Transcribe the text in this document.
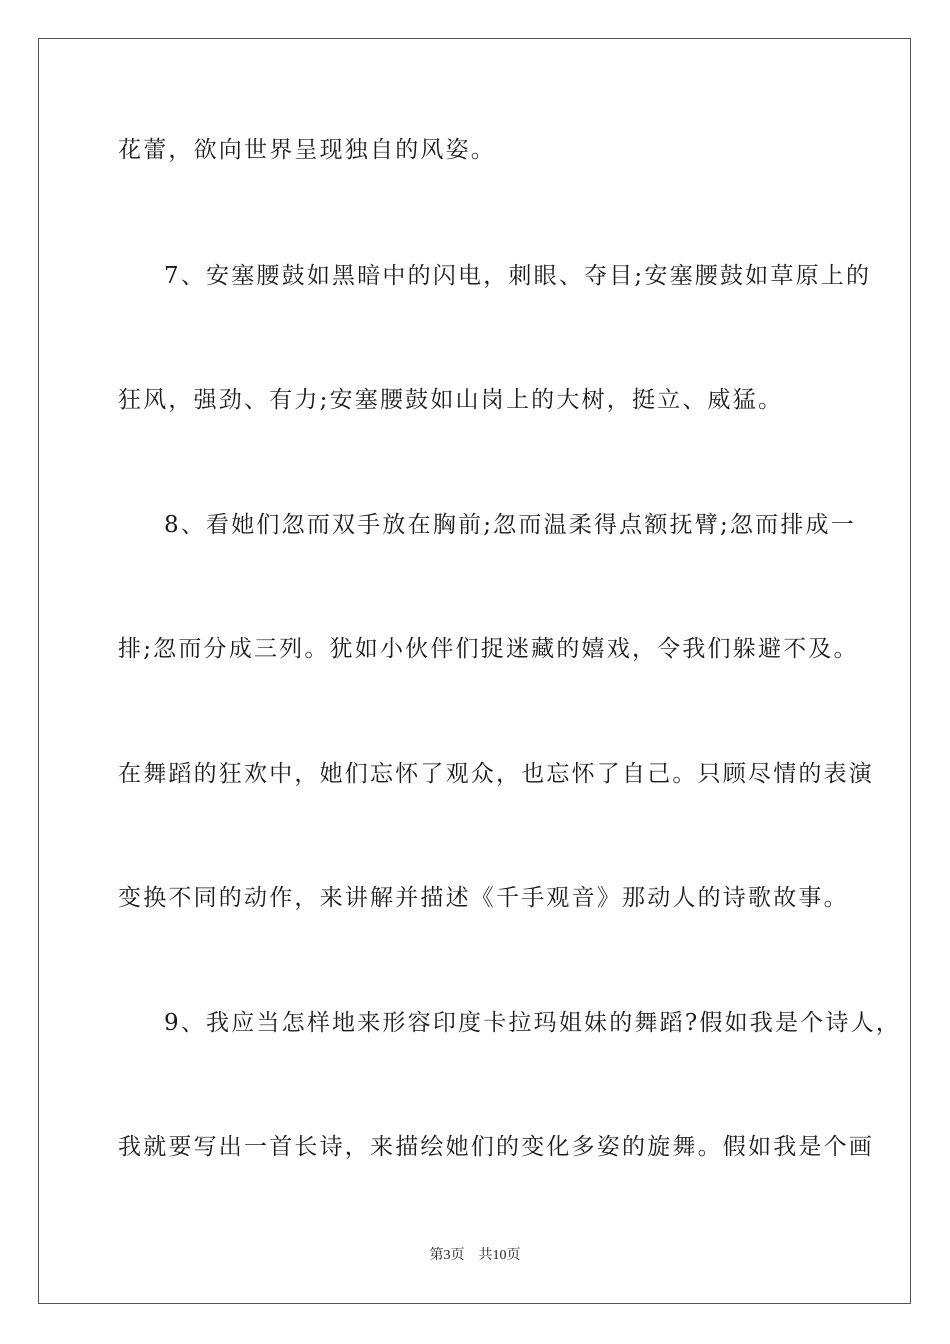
花蕾，欲向世界呈现独自的风姿。
7、安塞腰鼓如黑暗中的闪电，刺眼、夺目;安塞腰鼓如草原上的
狂风，强劲、有力;安塞腰鼓如山岗上的大树，挺立、威猛。
8、看她们忽而双手放在胸前;忽而温柔得点额抚臂;忽而排成一
排;忽而分成三列。犹如小伙伴们捉迷藏的嬉戏，令我们躲避不及。
在舞蹈的狂欢中，她们忘怀了观众，也忘怀了自己。只顾尽情的表演
变换不同的动作，来讲解并描述《千手观音》那动人的诗歌故事。
9、我应当怎样地来形容印度卡拉玛姐妹的舞蹈?假如我是个诗人，
我就要写出一首长诗，来描绘她们的变化多姿的旋舞。假如我是个画
第3页 共10页
